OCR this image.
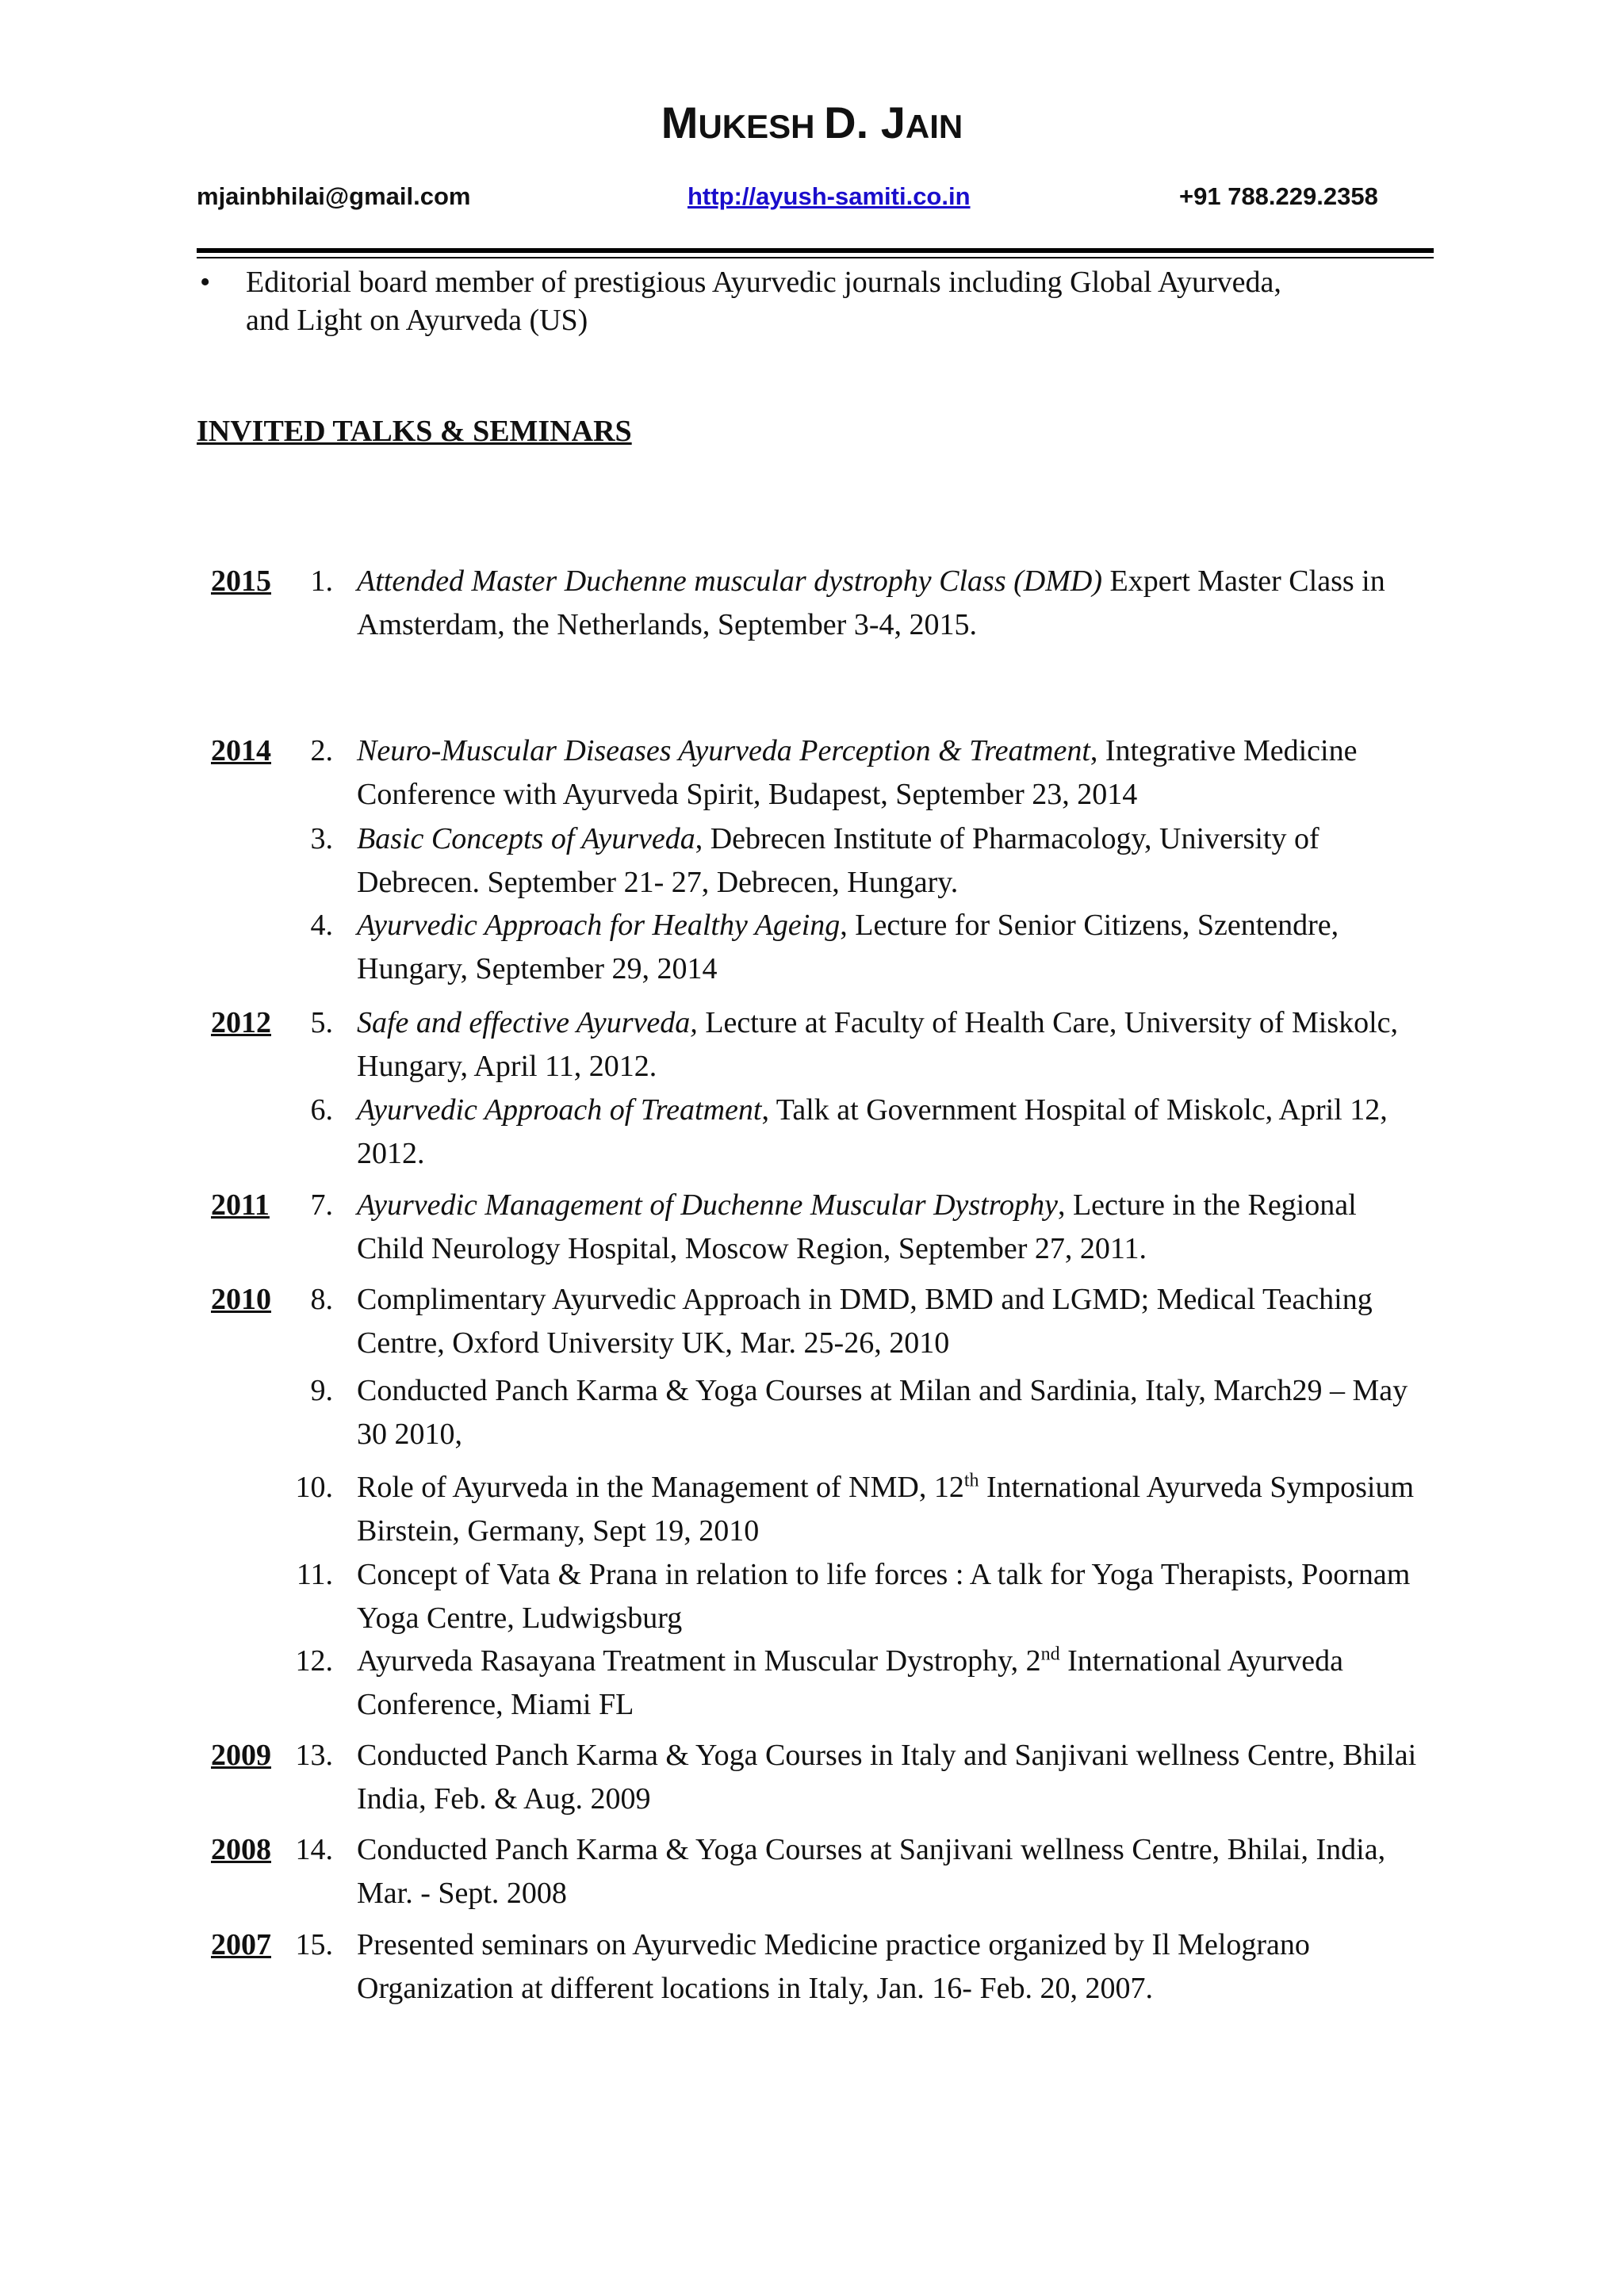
MUKESH D. JAIN
mjainbhilai@gmail.com	http://ayush-samiti.co.in	+91 788.229.2358
• Editorial board member of prestigious Ayurvedic journals including Global Ayurveda,
and Light on Ayurveda (US)
INVITED TALKS & SEMINARS
2015	1. Attended Master Duchenne muscular dystrophy Class (DMD) Expert Master Class in Amsterdam, the Netherlands, September 3-4, 2015.
2014	2. Neuro-Muscular Diseases Ayurveda Perception & Treatment, Integrative Medicine Conference with Ayurveda Spirit, Budapest, September 23, 2014
3. Basic Concepts of Ayurveda, Debrecen Institute of Pharmacology, University of Debrecen. September 21- 27, Debrecen, Hungary.
4. Ayurvedic Approach for Healthy Ageing, Lecture for Senior Citizens, Szentendre, Hungary, September 29, 2014
2012	5. Safe and effective Ayurveda, Lecture at Faculty of Health Care, University of Miskolc, Hungary, April 11, 2012.
6. Ayurvedic Approach of Treatment, Talk at Government Hospital of Miskolc, April 12, 2012.
2011	7. Ayurvedic Management of Duchenne Muscular Dystrophy, Lecture in the Regional Child Neurology Hospital, Moscow Region, September 27, 2011.
2010	8. Complimentary Ayurvedic Approach in DMD, BMD and LGMD; Medical Teaching Centre, Oxford University UK, Mar. 25-26, 2010
9. Conducted Panch Karma & Yoga Courses at Milan and Sardinia, Italy, March29 – May 30 2010,
10. Role of Ayurveda in the Management of NMD, 12th International Ayurveda Symposium Birstein, Germany, Sept 19, 2010
11. Concept of Vata & Prana in relation to life forces : A talk for Yoga Therapists, Poornam Yoga Centre, Ludwigsburg
12. Ayurveda Rasayana Treatment in Muscular Dystrophy, 2nd International Ayurveda Conference, Miami FL
2009 13. Conducted Panch Karma & Yoga Courses in Italy and Sanjivani wellness Centre, Bhilai India, Feb. & Aug. 2009
2008 14. Conducted Panch Karma & Yoga Courses at Sanjivani wellness Centre, Bhilai, India, Mar. - Sept. 2008
2007 15. Presented seminars on Ayurvedic Medicine practice organized by Il Melograno Organization at different locations in Italy, Jan. 16- Feb. 20, 2007.
